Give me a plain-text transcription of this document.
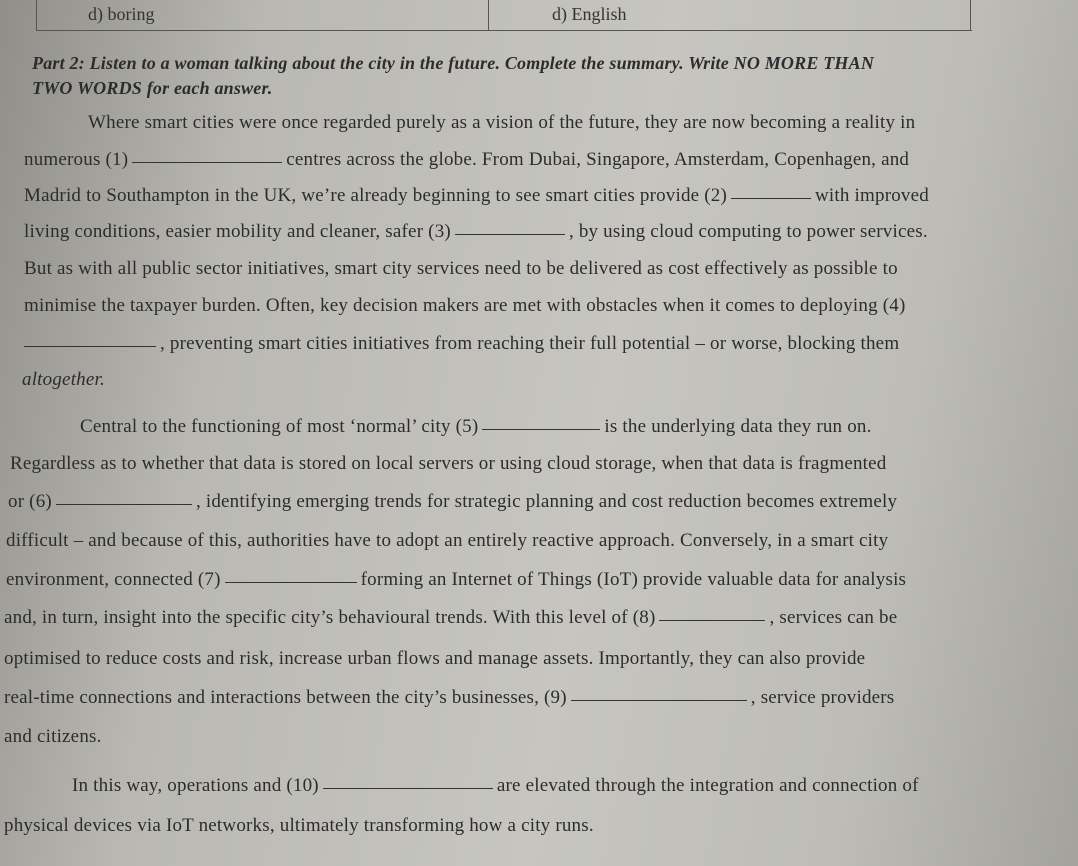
d) boring	d) English
Part 2: Listen to a woman talking about the city in the future. Complete the summary. Write NO MORE THAN
TWO WORDS for each answer.
Where smart cities were once regarded purely as a vision of the future, they are now becoming a reality in
numerous (1)	centres across the globe. From Dubai, Singapore, Amsterdam, Copenhagen, and
Madrid to Southampton in the UK, we’re already beginning to see smart cities provide (2)	with improved
living conditions, easier mobility and cleaner, safer (3)	, by using cloud computing to power services.
But as with all public sector initiatives, smart city services need to be delivered as cost effectively as possible to
minimise the taxpayer burden. Often, key decision makers are met with obstacles when it comes to deploying (4)
, preventing smart cities initiatives from reaching their full potential – or worse, blocking them
altogether.
Central to the functioning of most ‘normal’ city (5)	is the underlying data they run on.
Regardless as to whether that data is stored on local servers or using cloud storage, when that data is fragmented
or (6)	, identifying emerging trends for strategic planning and cost reduction becomes extremely
difficult – and because of this, authorities have to adopt an entirely reactive approach. Conversely, in a smart city
environment, connected (7)	forming an Internet of Things (IoT) provide valuable data for analysis
and, in turn, insight into the specific city’s behavioural trends. With this level of (8)	, services can be
optimised to reduce costs and risk, increase urban flows and manage assets. Importantly, they can also provide
real-time connections and interactions between the city’s businesses, (9)	, service providers
and citizens.
In this way, operations and (10)	are elevated through the integration and connection of
physical devices via IoT networks, ultimately transforming how a city runs.
